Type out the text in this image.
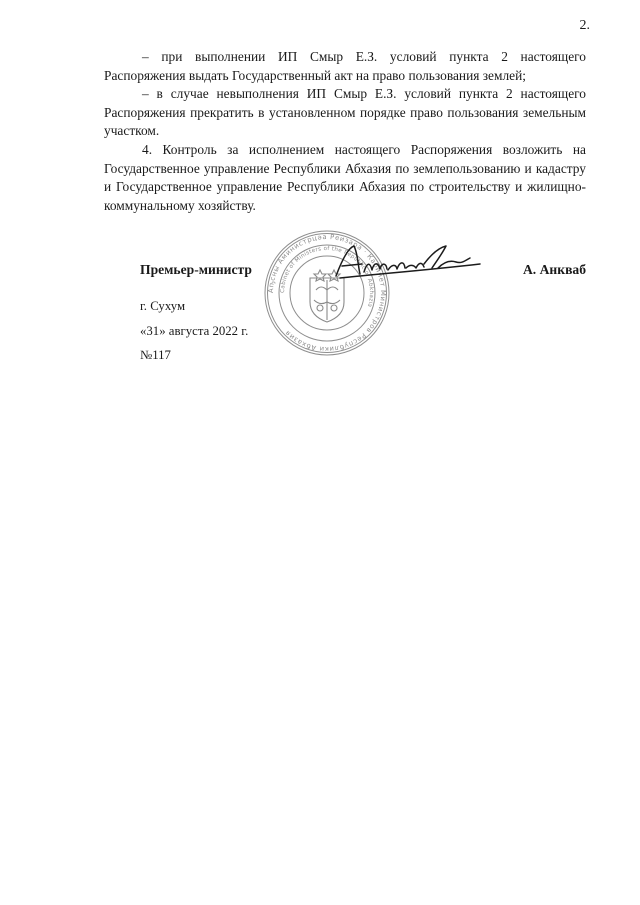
2.

– при выполнении ИП Смыр Е.З. условий пункта 2 настоящего Распоряжения выдать Государственный акт на право пользования землей;

– в случае невыполнения ИП Смыр Е.З. условий пункта 2 настоящего Распоряжения прекратить в установленном порядке право пользования земельным участком.

4. Контроль за исполнением настоящего Распоряжения возложить на Государственное управление Республики Абхазия по землепользованию и кадастру и Государственное управление Республики Абхазия по строительству и жилищно-коммунальному хозяйству.

Аҧсны Аминистрцәа Реизара · Кабинет Министров Республики Абхазия
Cabinet of Ministers of the Republic of Abkhazia
Премьер-министр	А. Анкваб
г. Сухум
«31» августа 2022 г.
№117
